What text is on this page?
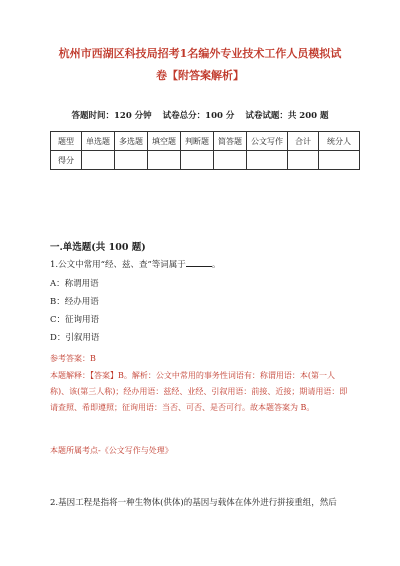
杭州市西湖区科技局招考1名编外专业技术工作人员模拟试卷【附答案解析】
答题时间：120 分钟 试卷总分：100 分 试卷试题：共 200 题
题型	单选题	多选题	填空题	判断题	简答题	公文写作	合计	统分人
得分								
一.单选题(共 100 题)
1.公文中常用“经、兹、查”等词属于	。
A：称谓用语
B：经办用语
C：征询用语
D：引叙用语
参考答案：B
本题解释：【答案】B。解析：公文中常用的事务性词语有：称谓用语：本(第一人称)、该(第三人称)；经办用语：兹经、业经、引叙用语：前接、近接；期请用语：即请查照、希即遵照；征询用语：当否、可否、是否可行。故本题答案为 B。
本题所属考点-《公文写作与处理》
2.基因工程是指将一种生物体(供体)的基因与载体在体外进行拼接重组，然后
